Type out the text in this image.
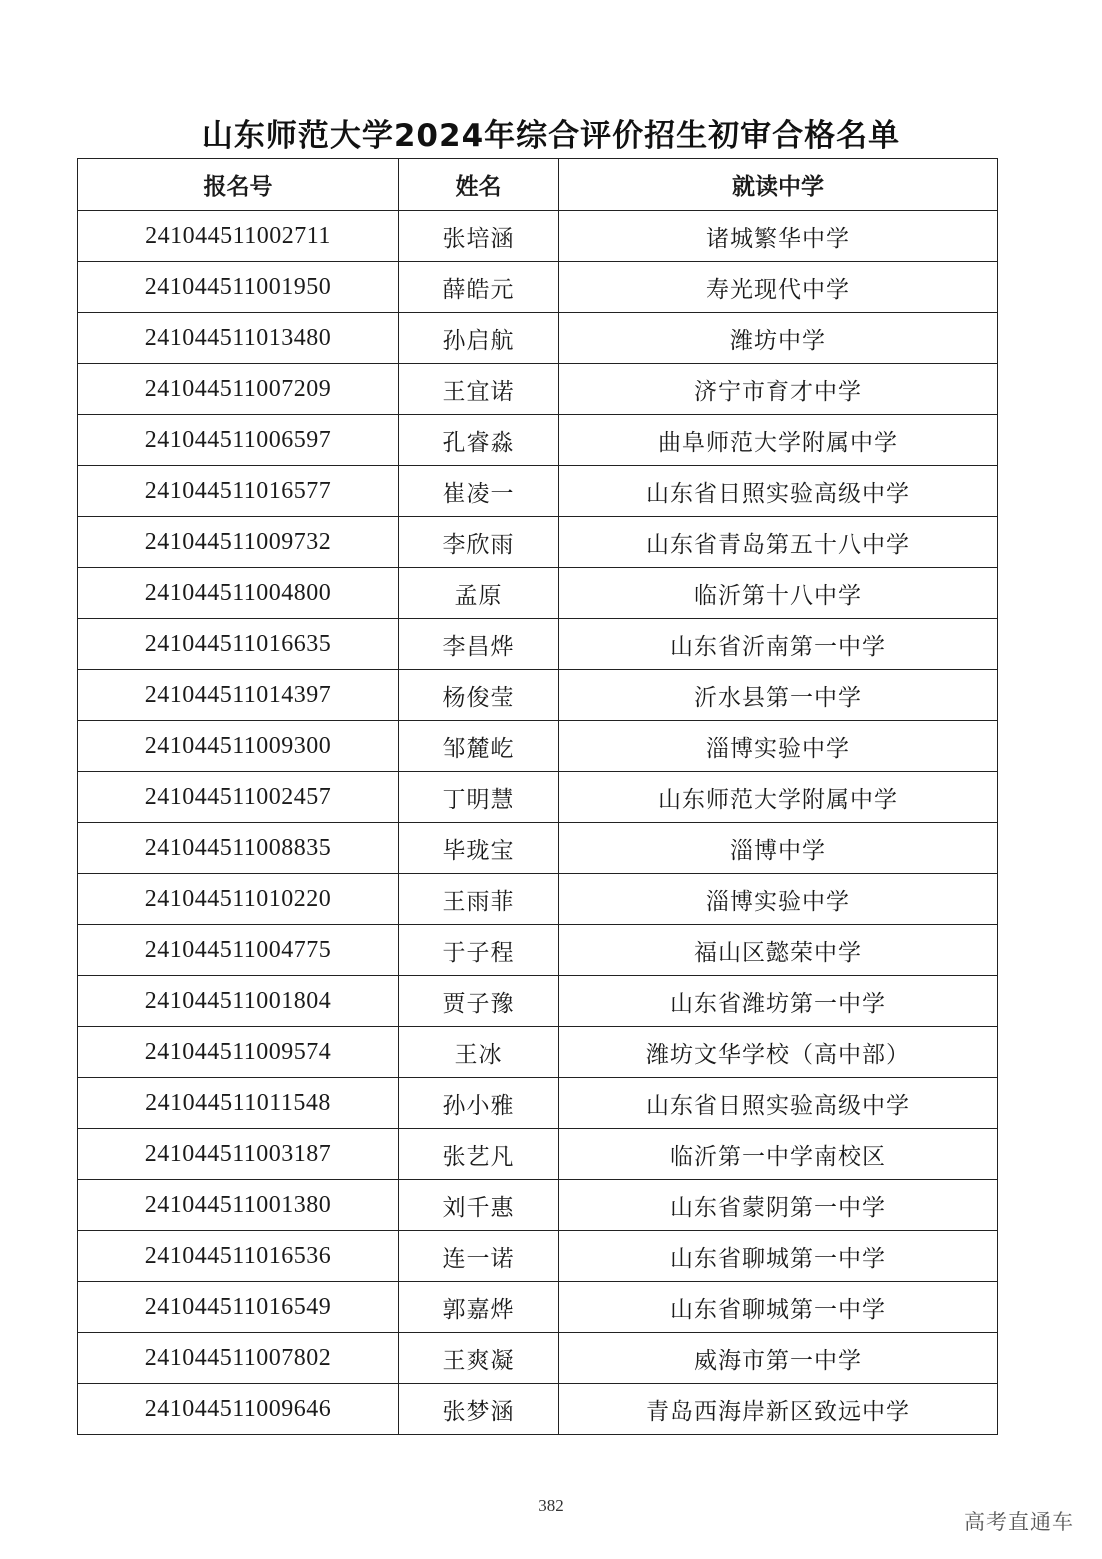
山东师范大学2024年综合评价招生初审合格名单
报名号	姓名	就读中学
241044511002711	张培涵	诸城繁华中学
241044511001950	薛皓元	寿光现代中学
241044511013480	孙启航	潍坊中学
241044511007209	王宜诺	济宁市育才中学
241044511006597	孔睿淼	曲阜师范大学附属中学
241044511016577	崔凌一	山东省日照实验高级中学
241044511009732	李欣雨	山东省青岛第五十八中学
241044511004800	孟原	临沂第十八中学
241044511016635	李昌烨	山东省沂南第一中学
241044511014397	杨俊莹	沂水县第一中学
241044511009300	邹麓屹	淄博实验中学
241044511002457	丁明慧	山东师范大学附属中学
241044511008835	毕珑宝	淄博中学
241044511010220	王雨菲	淄博实验中学
241044511004775	于子程	福山区懿荣中学
241044511001804	贾子豫	山东省潍坊第一中学
241044511009574	王冰	潍坊文华学校（高中部）
241044511011548	孙小雅	山东省日照实验高级中学
241044511003187	张艺凡	临沂第一中学南校区
241044511001380	刘千惠	山东省蒙阴第一中学
241044511016536	连一诺	山东省聊城第一中学
241044511016549	郭嘉烨	山东省聊城第一中学
241044511007802	王爽凝	威海市第一中学
241044511009646	张梦涵	青岛西海岸新区致远中学
382
高考直通车
